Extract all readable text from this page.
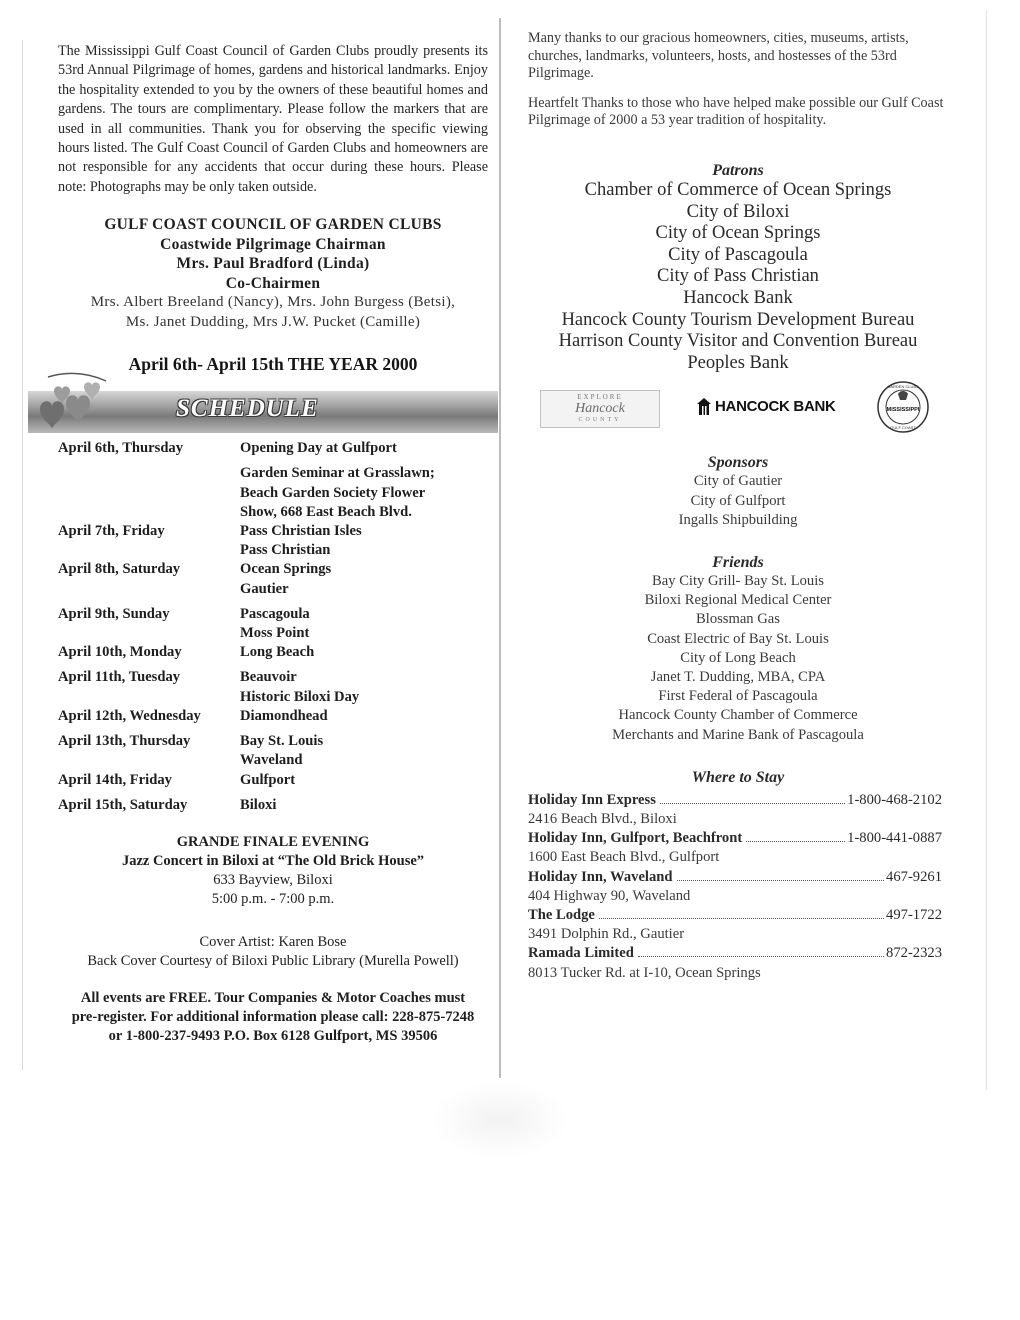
The Mississippi Gulf Coast Council of Garden Clubs proudly presents its 53rd Annual Pilgrimage of homes, gardens and historical landmarks. Enjoy the hospitality extended to you by the owners of these beautiful homes and gardens. The tours are complimentary. Please follow the markers that are used in all communities. Thank you for observing the specific viewing hours listed. The Gulf Coast Council of Garden Clubs and homeowners are not responsible for any accidents that occur during these hours. Please note: Photographs may be only taken outside.

GULF COAST COUNCIL OF GARDEN CLUBS
Coastwide Pilgrimage Chairman
Mrs. Paul Bradford (Linda)
Co-Chairmen
Mrs. Albert Breeland (Nancy), Mrs. John Burgess (Betsi),
Ms. Janet Dudding, Mrs J.W. Pucket (Camille)
April 6th- April 15th THE YEAR 2000
SCHEDULE
April 6th, Thursday	Opening Day at Gulfport
Garden Seminar at Grasslawn;
Beach Garden Society Flower
Show, 668 East Beach Blvd.
April 7th, Friday	Pass Christian Isles
Pass Christian
April 8th, Saturday	Ocean Springs
Gautier
April 9th, Sunday	Pascagoula
Moss Point
April 10th, Monday	Long Beach
April 11th, Tuesday	Beauvoir
Historic Biloxi Day
April 12th, Wednesday	Diamondhead
April 13th, Thursday	Bay St. Louis
Waveland
April 14th, Friday	Gulfport
April 15th, Saturday	Biloxi
GRANDE FINALE EVENING
Jazz Concert in Biloxi at “The Old Brick House”
633 Bayview, Biloxi
5:00 p.m. - 7:00 p.m.
Cover Artist: Karen Bose
Back Cover Courtesy of Biloxi Public Library (Murella Powell)
All events are FREE. Tour Companies & Motor Coaches must
pre-register. For additional information please call: 228-875-7248
or 1-800-237-9493 P.O. Box 6128 Gulfport, MS 39506

Many thanks to our gracious homeowners, cities, museums, artists, churches, landmarks, volunteers, hosts, and hostesses of the 53rd Pilgrimage.

Heartfelt Thanks to those who have helped make possible our Gulf Coast Pilgrimage of 2000 a 53 year tradition of hospitality.

Patrons
Chamber of Commerce of Ocean Springs
City of Biloxi
City of Ocean Springs
City of Pascagoula
City of Pass Christian
Hancock Bank
Hancock County Tourism Development Bureau
Harrison County Visitor and Convention Bureau
Peoples Bank
EXPLORE
Hancock
COUNTY
HANCOCK BANK	MISSISSIPPI
GARDEN CLUBS
GULF COAST
Sponsors
City of Gautier
City of Gulfport
Ingalls Shipbuilding
Friends
Bay City Grill- Bay St. Louis
Biloxi Regional Medical Center
Blossman Gas
Coast Electric of Bay St. Louis
City of Long Beach
Janet T. Dudding, MBA, CPA
First Federal of Pascagoula
Hancock County Chamber of Commerce
Merchants and Marine Bank of Pascagoula
Where to Stay
Holiday Inn Express	1-800-468-2102
2416 Beach Blvd., Biloxi
Holiday Inn, Gulfport, Beachfront	1-800-441-0887
1600 East Beach Blvd., Gulfport
Holiday Inn, Waveland	467-9261
404 Highway 90, Waveland
The Lodge	497-1722
3491 Dolphin Rd., Gautier
Ramada Limited	872-2323
8013 Tucker Rd. at I-10, Ocean Springs
